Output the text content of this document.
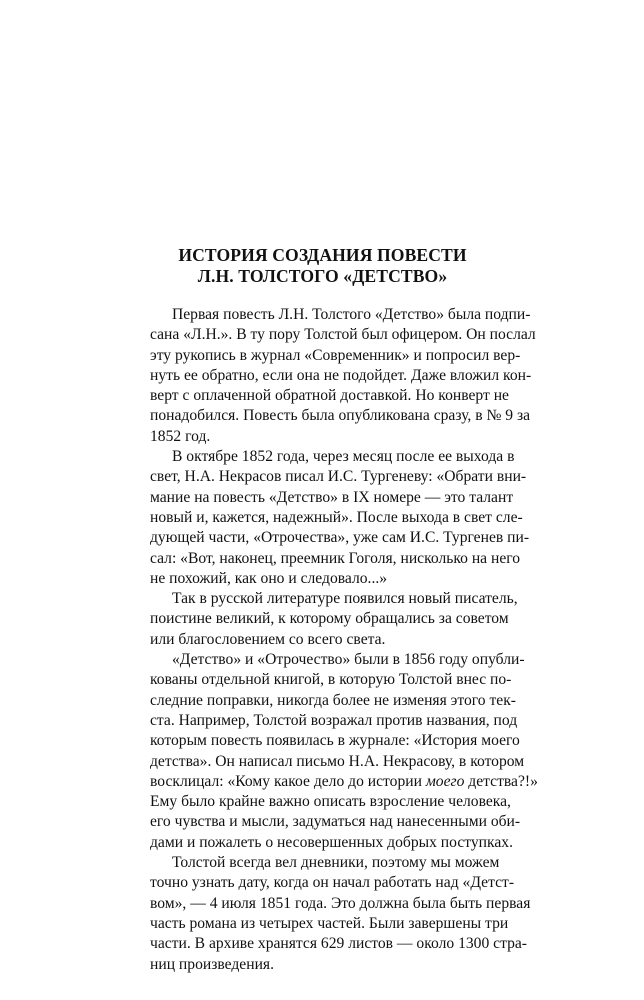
ИСТОРИЯ СОЗДАНИЯ ПОВЕСТИ
Л.Н. ТОЛСТОГО «ДЕТСТВО»

Первая повесть Л.Н. Толстого «Детство» была подпи-
сана «Л.Н.». В ту пору Толстой был офицером. Он послал
эту рукопись в журнал «Современник» и попросил вер-
нуть ее обратно, если она не подойдет. Даже вложил кон-
верт с оплаченной обратной доставкой. Но конверт не
понадобился. Повесть была опубликована сразу, в № 9 за
1852 год.

В октябре 1852 года, через месяц после ее выхода в
свет, Н.А. Некрасов писал И.С. Тургеневу: «Обрати вни-
мание на повесть «Детство» в IX номере — это талант
новый и, кажется, надежный». После выхода в свет сле-
дующей части, «Отрочества», уже сам И.С. Тургенев пи-
сал: «Вот, наконец, преемник Гоголя, нисколько на него
не похожий, как оно и следовало...»

Так в русской литературе появился новый писатель,
поистине великий, к которому обращались за советом
или благословением со всего света.

«Детство» и «Отрочество» были в 1856 году опубли-
кованы отдельной книгой, в которую Толстой внес по-
следние поправки, никогда более не изменяя этого тек-
ста. Например, Толстой возражал против названия, под
которым повесть появилась в журнале: «История моего
детства». Он написал письмо Н.А. Некрасову, в котором
восклицал: «Кому какое дело до истории моего детства?!»
Ему было крайне важно описать взросление человека,
его чувства и мысли, задуматься над нанесенными оби-
дами и пожалеть о несовершенных добрых поступках.

Толстой всегда вел дневники, поэтому мы можем
точно узнать дату, когда он начал работать над «Детст-
вом», — 4 июля 1851 года. Это должна была быть первая
часть романа из четырех частей. Были завершены три
части. В архиве хранятся 629 листов — около 1300 стра-
ниц произведения.
